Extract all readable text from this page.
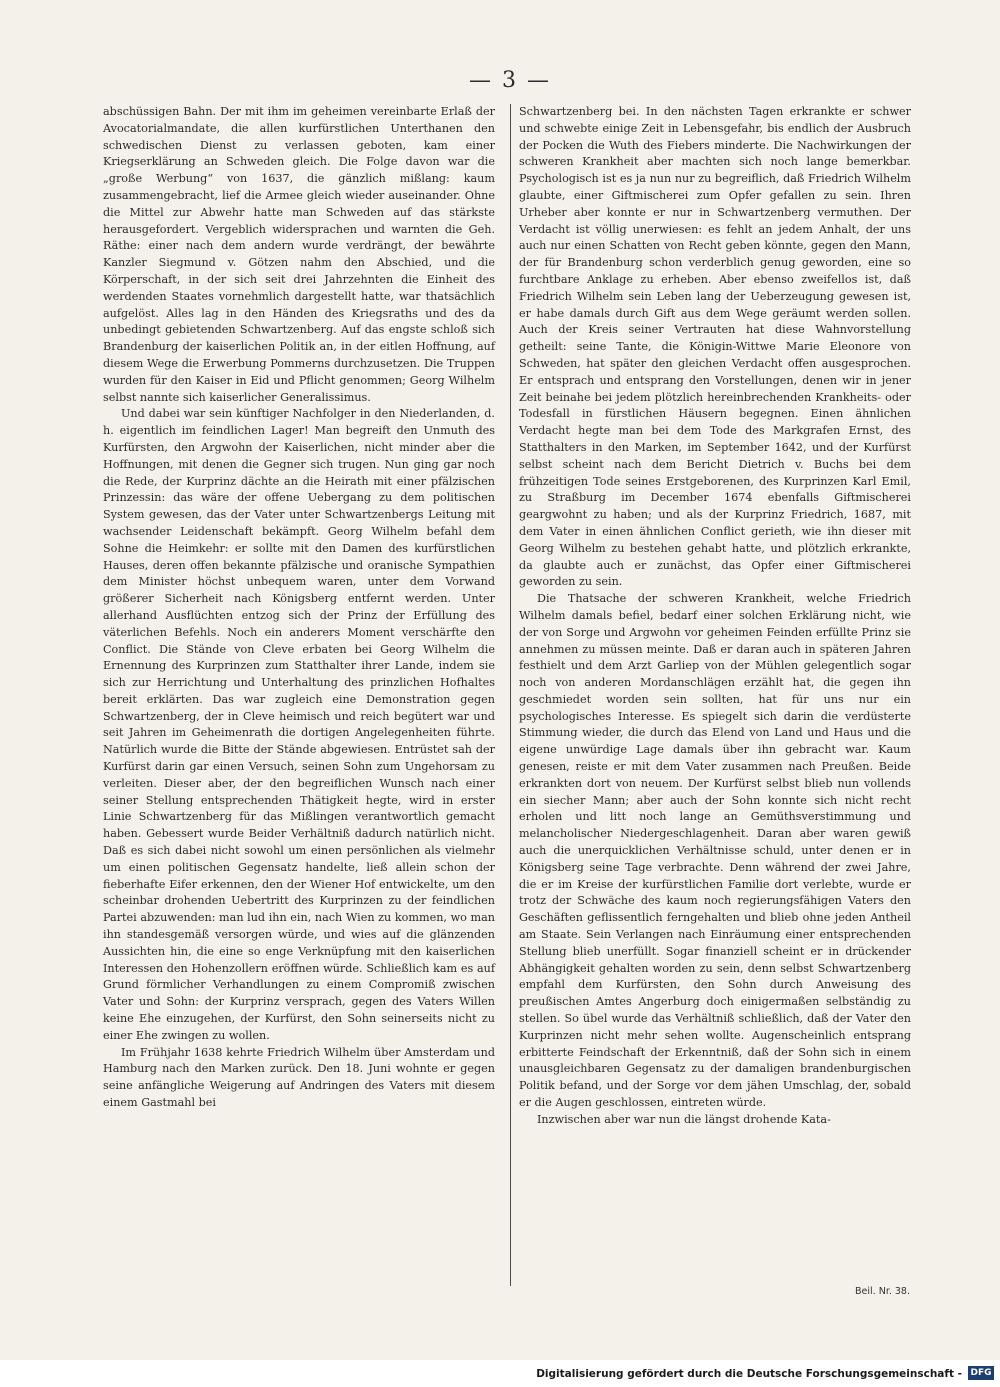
— 3 —

abschüssigen Bahn. Der mit ihm im geheimen vereinbarte Erlaß der Avocatorialmandate, die allen kurfürstlichen Unterthanen den schwedischen Dienst zu verlassen geboten, kam einer Kriegserklärung an Schweden gleich. Die Folge davon war die „große Werbung“ von 1637, die gänzlich mißlang: kaum zusammengebracht, lief die Armee gleich wieder auseinander. Ohne die Mittel zur Abwehr hatte man Schweden auf das stärkste herausgefordert. Vergeblich widersprachen und warnten die Geh. Räthe: einer nach dem andern wurde verdrängt, der bewährte Kanzler Siegmund v. Götzen nahm den Abschied, und die Körperschaft, in der sich seit drei Jahrzehnten die Einheit des werdenden Staates vornehmlich dargestellt hatte, war thatsächlich aufgelöst. Alles lag in den Händen des Kriegsraths und des da unbedingt gebietenden Schwartzenberg. Auf das engste schloß sich Brandenburg der kaiserlichen Politik an, in der eitlen Hoffnung, auf diesem Wege die Erwerbung Pommerns durchzusetzen. Die Truppen wurden für den Kaiser in Eid und Pflicht genommen; Georg Wilhelm selbst nannte sich kaiserlicher Generalissimus.

Und dabei war sein künftiger Nachfolger in den Niederlanden, d. h. eigentlich im feindlichen Lager! Man begreift den Unmuth des Kurfürsten, den Argwohn der Kaiserlichen, nicht minder aber die Hoffnungen, mit denen die Gegner sich trugen. Nun ging gar noch die Rede, der Kurprinz dächte an die Heirath mit einer pfälzischen Prinzessin: das wäre der offene Uebergang zu dem politischen System gewesen, das der Vater unter Schwartzenbergs Leitung mit wachsender Leidenschaft bekämpft. Georg Wilhelm befahl dem Sohne die Heimkehr: er sollte mit den Damen des kurfürstlichen Hauses, deren offen bekannte pfälzische und oranische Sympathien dem Minister höchst unbequem waren, unter dem Vorwand größerer Sicherheit nach Königsberg entfernt werden. Unter allerhand Ausflüchten entzog sich der Prinz der Erfüllung des väterlichen Befehls. Noch ein anderers Moment verschärfte den Conflict. Die Stände von Cleve erbaten bei Georg Wilhelm die Ernennung des Kurprinzen zum Statthalter ihrer Lande, indem sie sich zur Herrichtung und Unterhaltung des prinzlichen Hofhaltes bereit erklärten. Das war zugleich eine Demonstration gegen Schwartzenberg, der in Cleve heimisch und reich begütert war und seit Jahren im Geheimenrath die dortigen Angelegenheiten führte. Natürlich wurde die Bitte der Stände abgewiesen. Entrüstet sah der Kurfürst darin gar einen Versuch, seinen Sohn zum Ungehorsam zu verleiten. Dieser aber, der den begreiflichen Wunsch nach einer seiner Stellung entsprechenden Thätigkeit hegte, wird in erster Linie Schwartzenberg für das Mißlingen verantwortlich gemacht haben. Gebessert wurde Beider Verhältniß dadurch natürlich nicht. Daß es sich dabei nicht sowohl um einen persönlichen als vielmehr um einen politischen Gegensatz handelte, ließ allein schon der fieberhafte Eifer erkennen, den der Wiener Hof entwickelte, um den scheinbar drohenden Uebertritt des Kurprinzen zu der feindlichen Partei abzuwenden: man lud ihn ein, nach Wien zu kommen, wo man ihn standesgemäß versorgen würde, und wies auf die glänzenden Aussichten hin, die eine so enge Verknüpfung mit den kaiserlichen Interessen den Hohenzollern eröffnen würde. Schließlich kam es auf Grund förmlicher Verhandlungen zu einem Compromiß zwischen Vater und Sohn: der Kurprinz versprach, gegen des Vaters Willen keine Ehe einzugehen, der Kurfürst, den Sohn seinerseits nicht zu einer Ehe zwingen zu wollen.

Im Frühjahr 1638 kehrte Friedrich Wilhelm über Amsterdam und Hamburg nach den Marken zurück. Den 18. Juni wohnte er gegen seine anfängliche Weigerung auf Andringen des Vaters mit diesem einem Gastmahl bei

Schwartzenberg bei. In den nächsten Tagen erkrankte er schwer und schwebte einige Zeit in Lebensgefahr, bis endlich der Ausbruch der Pocken die Wuth des Fiebers minderte. Die Nachwirkungen der schweren Krankheit aber machten sich noch lange bemerkbar. Psychologisch ist es ja nun nur zu begreiflich, daß Friedrich Wilhelm glaubte, einer Giftmischerei zum Opfer gefallen zu sein. Ihren Urheber aber konnte er nur in Schwartzenberg vermuthen. Der Verdacht ist völlig unerwiesen: es fehlt an jedem Anhalt, der uns auch nur einen Schatten von Recht geben könnte, gegen den Mann, der für Brandenburg schon verderblich genug geworden, eine so furchtbare Anklage zu erheben. Aber ebenso zweifellos ist, daß Friedrich Wilhelm sein Leben lang der Ueberzeugung gewesen ist, er habe damals durch Gift aus dem Wege geräumt werden sollen. Auch der Kreis seiner Vertrauten hat diese Wahnvorstellung getheilt: seine Tante, die Königin-Wittwe Marie Eleonore von Schweden, hat später den gleichen Verdacht offen ausgesprochen. Er entsprach und entsprang den Vorstellungen, denen wir in jener Zeit beinahe bei jedem plötzlich hereinbrechenden Krankheits- oder Todesfall in fürstlichen Häusern begegnen. Einen ähnlichen Verdacht hegte man bei dem Tode des Markgrafen Ernst, des Statthalters in den Marken, im September 1642, und der Kurfürst selbst scheint nach dem Bericht Dietrich v. Buchs bei dem frühzeitigen Tode seines Erstgeborenen, des Kurprinzen Karl Emil, zu Straßburg im December 1674 ebenfalls Giftmischerei geargwohnt zu haben; und als der Kurprinz Friedrich, 1687, mit dem Vater in einen ähnlichen Conflict gerieth, wie ihn dieser mit Georg Wilhelm zu bestehen gehabt hatte, und plötzlich erkrankte, da glaubte auch er zunächst, das Opfer einer Giftmischerei geworden zu sein.

Die Thatsache der schweren Krankheit, welche Friedrich Wilhelm damals befiel, bedarf einer solchen Erklärung nicht, wie der von Sorge und Argwohn vor geheimen Feinden erfüllte Prinz sie annehmen zu müssen meinte. Daß er daran auch in späteren Jahren festhielt und dem Arzt Garliep von der Mühlen gelegentlich sogar noch von anderen Mordanschlägen erzählt hat, die gegen ihn geschmiedet worden sein sollten, hat für uns nur ein psychologisches Interesse. Es spiegelt sich darin die verdüsterte Stimmung wieder, die durch das Elend von Land und Haus und die eigene unwürdige Lage damals über ihn gebracht war. Kaum genesen, reiste er mit dem Vater zusammen nach Preußen. Beide erkrankten dort von neuem. Der Kurfürst selbst blieb nun vollends ein siecher Mann; aber auch der Sohn konnte sich nicht recht erholen und litt noch lange an Gemüthsverstimmung und melancholischer Niedergeschlagenheit. Daran aber waren gewiß auch die unerquicklichen Verhältnisse schuld, unter denen er in Königsberg seine Tage verbrachte. Denn während der zwei Jahre, die er im Kreise der kurfürstlichen Familie dort verlebte, wurde er trotz der Schwäche des kaum noch regierungsfähigen Vaters den Geschäften geflissentlich ferngehalten und blieb ohne jeden Antheil am Staate. Sein Verlangen nach Einräumung einer entsprechenden Stellung blieb unerfüllt. Sogar finanziell scheint er in drückender Abhängigkeit gehalten worden zu sein, denn selbst Schwartzenberg empfahl dem Kurfürsten, den Sohn durch Anweisung des preußischen Amtes Angerburg doch einigermaßen selbständig zu stellen. So übel wurde das Verhältniß schließlich, daß der Vater den Kurprinzen nicht mehr sehen wollte. Augenscheinlich entsprang erbitterte Feindschaft der Erkenntniß, daß der Sohn sich in einem unausgleichbaren Gegensatz zu der damaligen brandenburgischen Politik befand, und der Sorge vor dem jähen Umschlag, der, sobald er die Augen geschlossen, eintreten würde.

Inzwischen aber war nun die längst drohende Kata-

Beil. Nr. 38.
Digitalisierung gefördert durch die Deutsche Forschungsgemeinschaft - DFG
